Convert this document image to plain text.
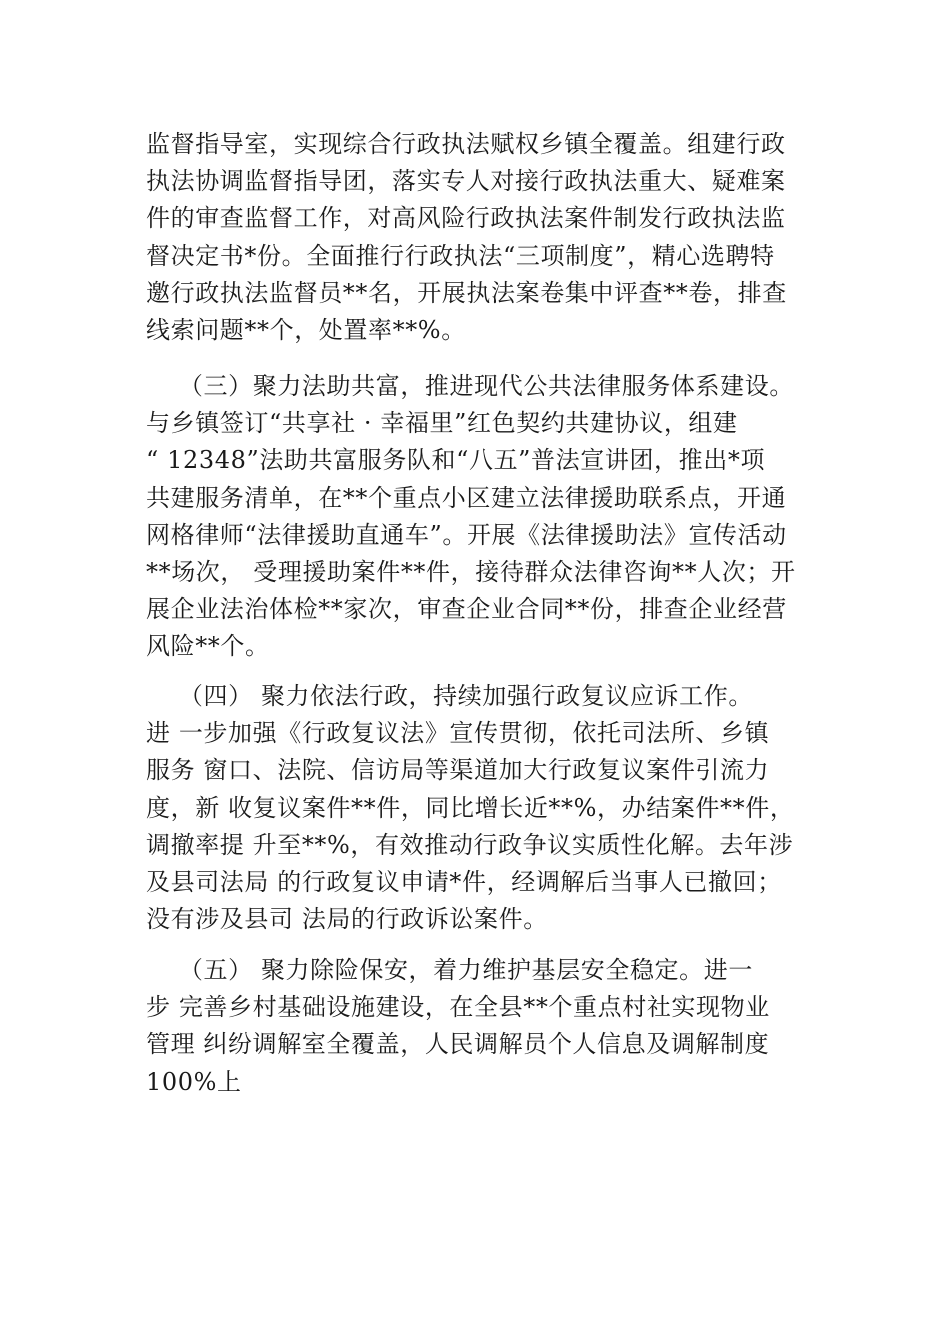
监督指导室，实现综合行政执法赋权乡镇全覆盖。组建行政
执法协调监督指导团，落实专人对接行政执法重大、疑难案
件的审查监督工作，对高风险行政执法案件制发行政执法监
督决定书*份。全面推行行政执法“三项制度”，精心选聘特
邀行政执法监督员**名，开展执法案卷集中评查**卷，排查
线索问题**个，处置率**%。
（三）聚力法助共富，推进现代公共法律服务体系建设。
与乡镇签订“共享社 · 幸福里”红色契约共建协议，组建
“ 12348”法助共富服务队和“八五”普法宣讲团，推出*项
共建服务清单，在**个重点小区建立法律援助联系点，开通
网格律师“法律援助直通车”。开展《法律援助法》宣传活动
**场次， 受理援助案件**件，接待群众法律咨询**人次；开
展企业法治体检**家次，审查企业合同**份，排查企业经营
风险**个。
（四） 聚力依法行政，持续加强行政复议应诉工作。
进 一步加强《行政复议法》宣传贯彻，依托司法所、乡镇
服务 窗口、法院、信访局等渠道加大行政复议案件引流力
度，新 收复议案件**件，同比增长近**%，办结案件**件，
调撤率提 升至**%，有效推动行政争议实质性化解。去年涉
及县司法局 的行政复议申请*件，经调解后当事人已撤回；
没有涉及县司 法局的行政诉讼案件。
（五） 聚力除险保安，着力维护基层安全稳定。进一
步 完善乡村基础设施建设，在全县**个重点村社实现物业
管理 纠纷调解室全覆盖，人民调解员个人信息及调解制度
100%上
